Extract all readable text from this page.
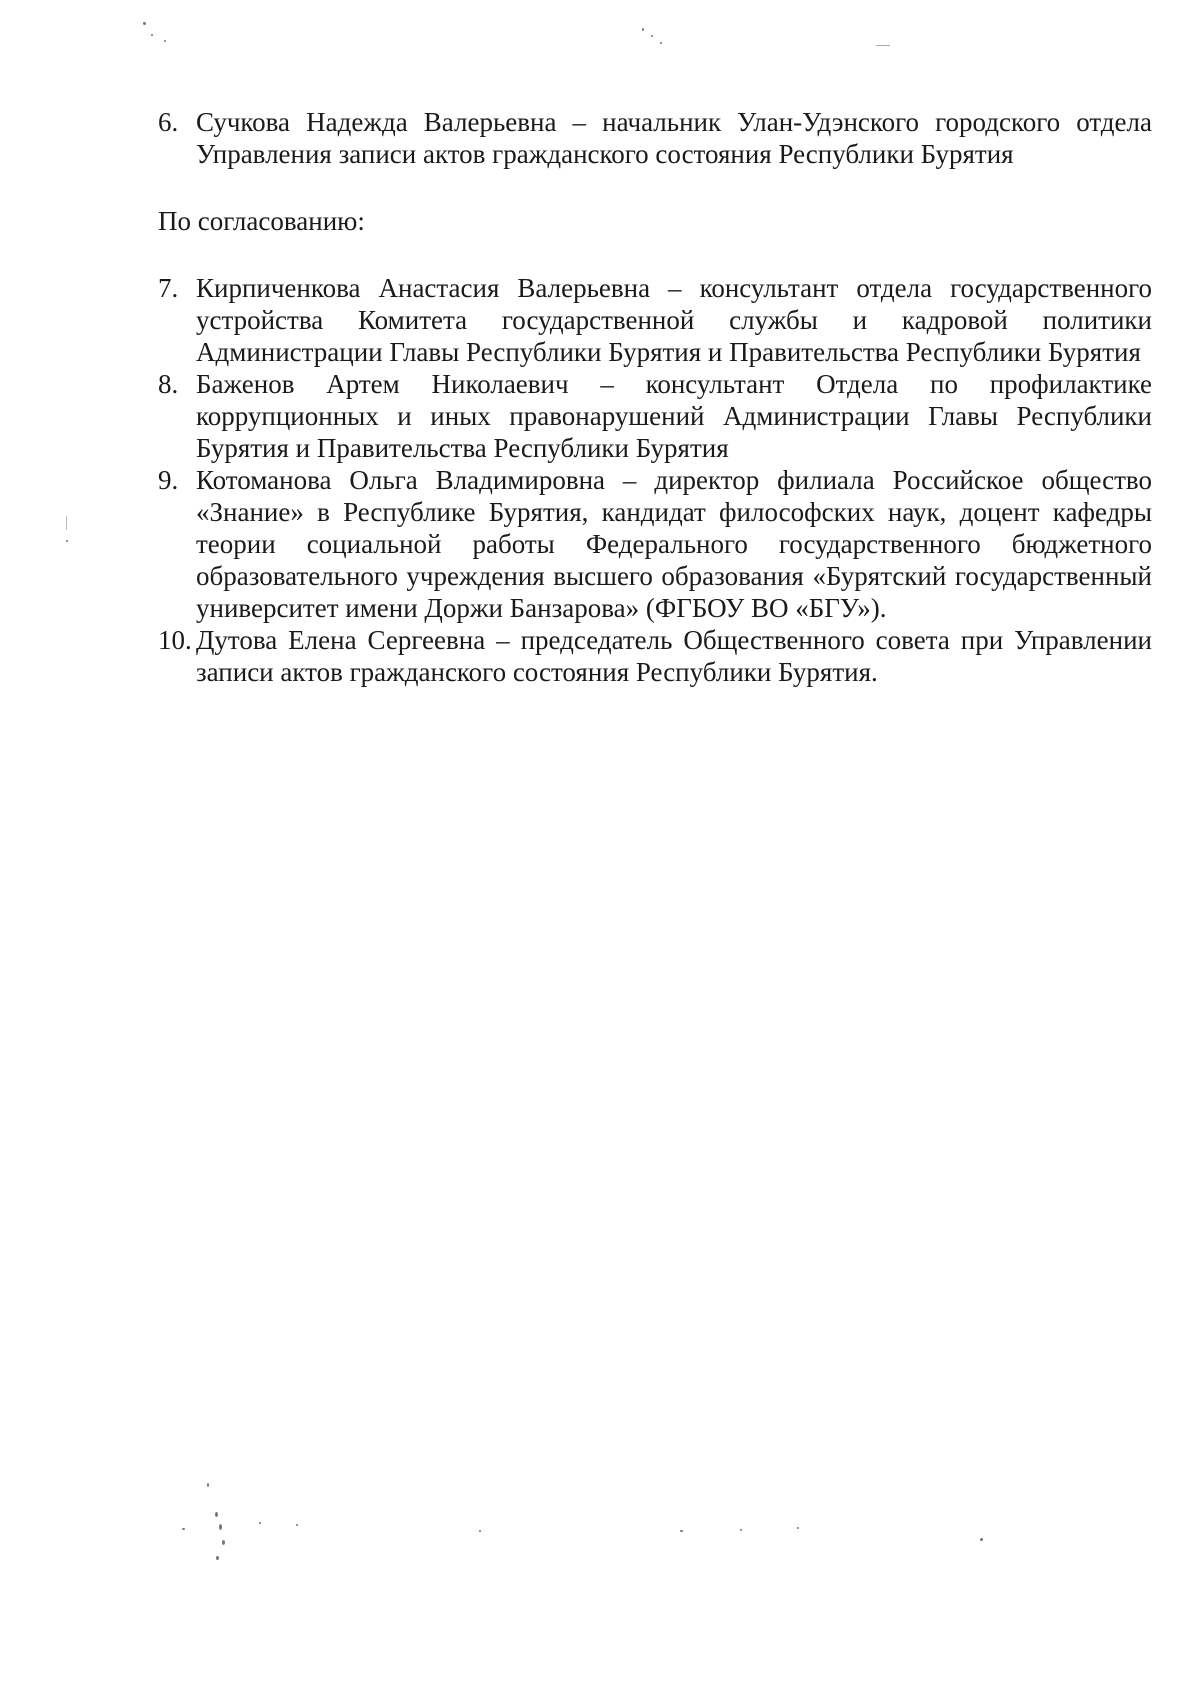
6. Сучкова Надежда Валерьевна – начальник Улан-Удэнского городского отдела Управления записи актов гражданского состояния Республики Бурятия
По согласованию:
7. Кирпиченкова Анастасия Валерьевна – консультант отдела государственного устройства Комитета государственной службы и кадровой политики Администрации Главы Республики Бурятия и Правительства Республики Бурятия
8. Баженов Артем Николаевич – консультант Отдела по профилактике коррупционных и иных правонарушений Администрации Главы Республики Бурятия и Правительства Республики Бурятия
9. Котоманова Ольга Владимировна – директор филиала Российское общество «Знание» в Республике Бурятия, кандидат философских наук, доцент кафедры теории социальной работы Федерального государственного бюджетного образовательного учреждения высшего образования «Бурятский государственный университет имени Доржи Банзарова» (ФГБОУ ВО «БГУ»).
10. Дутова Елена Сергеевна – председатель Общественного совета при Управлении записи актов гражданского состояния Республики Бурятия.
